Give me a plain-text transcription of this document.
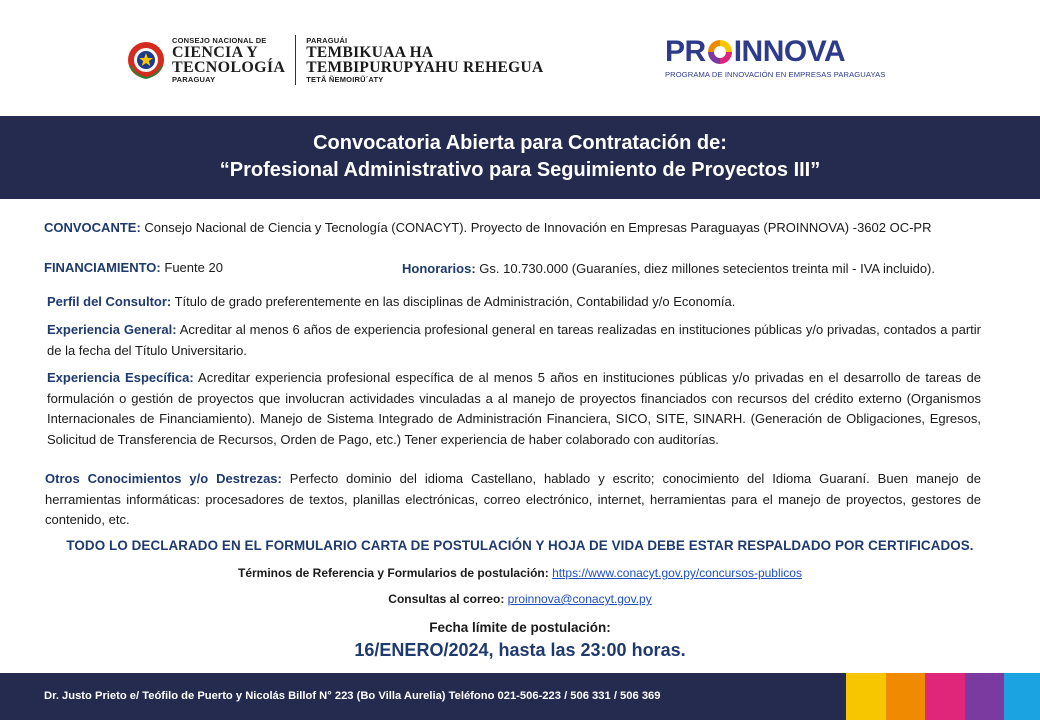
CONSEJO NACIONAL DE
CIENCIA Y
TECNOLOGÍA
PARAGUAY
PARAGUÁI
TEMBIKUAA HA
TEMBIPURUPYAHU REHEGUA
TETÃ ÑEMOIRŨ´ATY
PR INNOVA
PROGRAMA DE INNOVACIÓN EN EMPRESAS PARAGUAYAS
Convocatoria Abierta para Contratación de:
“Profesional Administrativo para Seguimiento de Proyectos III”
CONVOCANTE: Consejo Nacional de Ciencia y Tecnología (CONACYT). Proyecto de Innovación en Empresas Paraguayas (PROINNOVA) -3602 OC-PR
FINANCIAMIENTO: Fuente 20	Honorarios: Gs. 10.730.000 (Guaraníes, diez millones setecientos treinta mil - IVA incluido).
Perfil del Consultor: Título de grado preferentemente en las disciplinas de Administración, Contabilidad y/o Economía.
Experiencia General: Acreditar al menos 6 años de experiencia profesional general en tareas realizadas en instituciones públicas y/o privadas, contados a partir de la fecha del Título Universitario.
Experiencia Específica: Acreditar experiencia profesional específica de al menos 5 años en instituciones públicas y/o privadas en el desarrollo de tareas de formulación o gestión de proyectos que involucran actividades vinculadas a al manejo de proyectos financiados con recursos del crédito externo (Organismos Internacionales de Financiamiento). Manejo de Sistema Integrado de Administración Financiera, SICO, SITE, SINARH. (Generación de Obligaciones, Egresos, Solicitud de Transferencia de Recursos, Orden de Pago, etc.) Tener experiencia de haber colaborado con auditorías.
Otros Conocimientos y/o Destrezas: Perfecto dominio del idioma Castellano, hablado y escrito; conocimiento del Idioma Guaraní. Buen manejo de herramientas informáticas: procesadores de textos, planillas electrónicas, correo electrónico, internet, herramientas para el manejo de proyectos, gestores de contenido, etc.
TODO LO DECLARADO EN EL FORMULARIO CARTA DE POSTULACIÓN Y HOJA DE VIDA DEBE ESTAR RESPALDADO POR CERTIFICADOS.
Términos de Referencia y Formularios de postulación: https://www.conacyt.gov.py/concursos-publicos
Consultas al correo: proinnova@conacyt.gov.py
Fecha límite de postulación:
16/ENERO/2024, hasta las 23:00 horas.
Dr. Justo Prieto e/ Teófilo de Puerto y Nicolás Billof N° 223 (Bo Villa Aurelia) Teléfono 021-506-223 / 506 331 / 506 369
